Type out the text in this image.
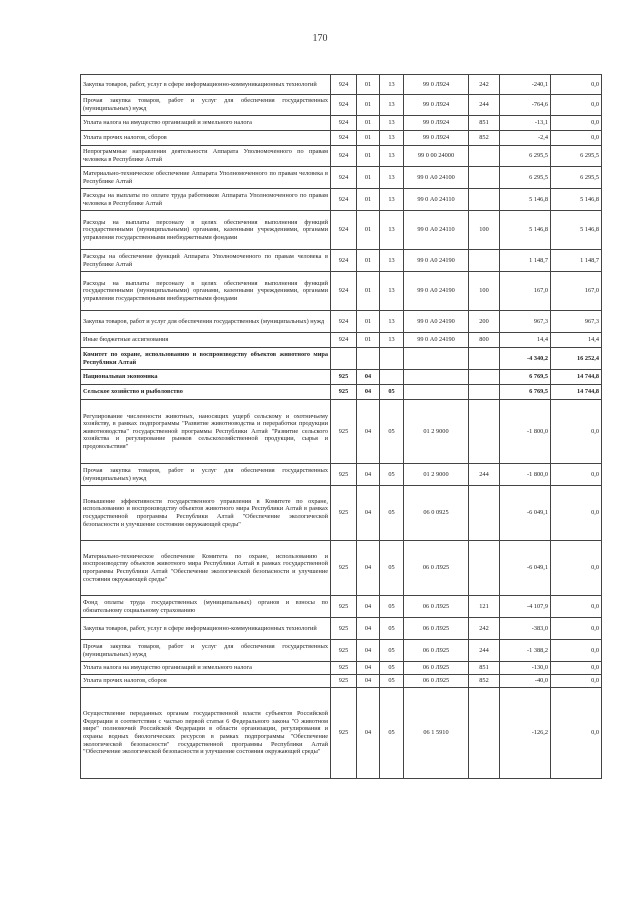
170
Закупка товаров, работ, услуг в сфере информационно-коммуникационных технологий	924	01	13	99 0 Л924	242	-240,1	0,0
Прочая закупка товаров, работ и услуг для обеспечения государственных (муниципальных) нужд	924	01	13	99 0 Л924	244	-764,6	0,0
Уплата налога на имущество организаций и земельного налога	924	01	13	99 0 Л924	851	-13,1	0,0
Уплата прочих налогов, сборов	924	01	13	99 0 Л924	852	-2,4	0,0
Непрограммные направления деятельности Аппарата Уполномоченного по правам человека в Республике Алтай	924	01	13	99 0 00 24000		6 295,5	6 295,5
Материально-техническое обеспечение Аппарата Уполномоченного по правам человека в Республике Алтай	924	01	13	99 0 А0 24100		6 295,5	6 295,5
Расходы на выплаты по оплате труда работников Аппарата Уполномоченного по правам человека в Республике Алтай	924	01	13	99 0 А0 24110		5 146,8	5 146,8
Расходы на выплаты персоналу в целях обеспечения выполнения функций государственными (муниципальными) органами, казенными учреждениями, органами управления государственными внебюджетными фондами	924	01	13	99 0 А0 24110	100	5 146,8	5 146,8
Расходы на обеспечение функций Аппарата Уполномоченного по правам человека в Республике Алтай	924	01	13	99 0 А0 24190		1 148,7	1 148,7
Расходы на выплаты персоналу в целях обеспечения выполнения функций государственными (муниципальными) органами, казенными учреждениями, органами управления государственными внебюджетными фондами	924	01	13	99 0 А0 24190	100	167,0	167,0
Закупка товаров, работ и услуг для обеспечения государственных (муниципальных) нужд	924	01	13	99 0 А0 24190	200	967,3	967,3
Иные бюджетные ассигнования	924	01	13	99 0 А0 24190	800	14,4	14,4
Комитет по охране, использованию и воспроизводству объектов животного мира Республики Алтай						-4 340,2	16 252,4
Национальная экономика	925	04				6 769,5	14 744,8
Сельское хозяйство и рыболовство	925	04	05			6 769,5	14 744,8
Регулирование численности животных, наносящих ущерб сельскому и охотничьему хозяйству, в рамках подпрограммы "Развитие животноводства и переработки продукции животноводства" государственной программы Республики Алтай "Развитие сельского хозяйства и регулирование рынков сельскохозяйственной продукции, сырья и продовольствия"	925	04	05	01 2 9000		-1 800,0	0,0
Прочая закупка товаров, работ и услуг для обеспечения государственных (муниципальных) нужд	925	04	05	01 2 9000	244	-1 800,0	0,0
Повышение эффективности государственного управления в Комитете по охране, использованию и воспроизводству объектов животного мира Республики Алтай в рамках государственной программы Республики Алтай "Обеспечение экологической безопасности и улучшение состояния окружающей среды"	925	04	05	06 0 0925		-6 049,1	0,0
Материально-техническое обеспечение Комитета по охране, использованию и воспроизводству объектов животного мира Республики Алтай в рамках государственной программы Республики Алтай "Обеспечение экологической безопасности и улучшение состояния окружающей среды"	925	04	05	06 0 Л925		-6 049,1	0,0
Фонд оплаты труда государственных (муниципальных) органов и взносы по обязательному социальному страхованию	925	04	05	06 0 Л925	121	-4 107,9	0,0
Закупка товаров, работ, услуг в сфере информационно-коммуникационных технологий	925	04	05	06 0 Л925	242	-383,0	0,0
Прочая закупка товаров, работ и услуг для обеспечения государственных (муниципальных) нужд	925	04	05	06 0 Л925	244	-1 388,2	0,0
Уплата налога на имущество организаций и земельного налога	925	04	05	06 0 Л925	851	-130,0	0,0
Уплата прочих налогов, сборов	925	04	05	06 0 Л925	852	-40,0	0,0
Осуществление переданных органам государственной власти субъектов Российской Федерации в соответствии с частью первой статьи 6 Федерального закона "О животном мире" полномочий Российской Федерации в области организации, регулирования и охраны водных биологических ресурсов в рамках подпрограммы "Обеспечение экологической безопасности" государственной программы Республики Алтай "Обеспечение экологической безопасности и улучшение состояния окружающей среды"	925	04	05	06 1 5910		-126,2	0,0
